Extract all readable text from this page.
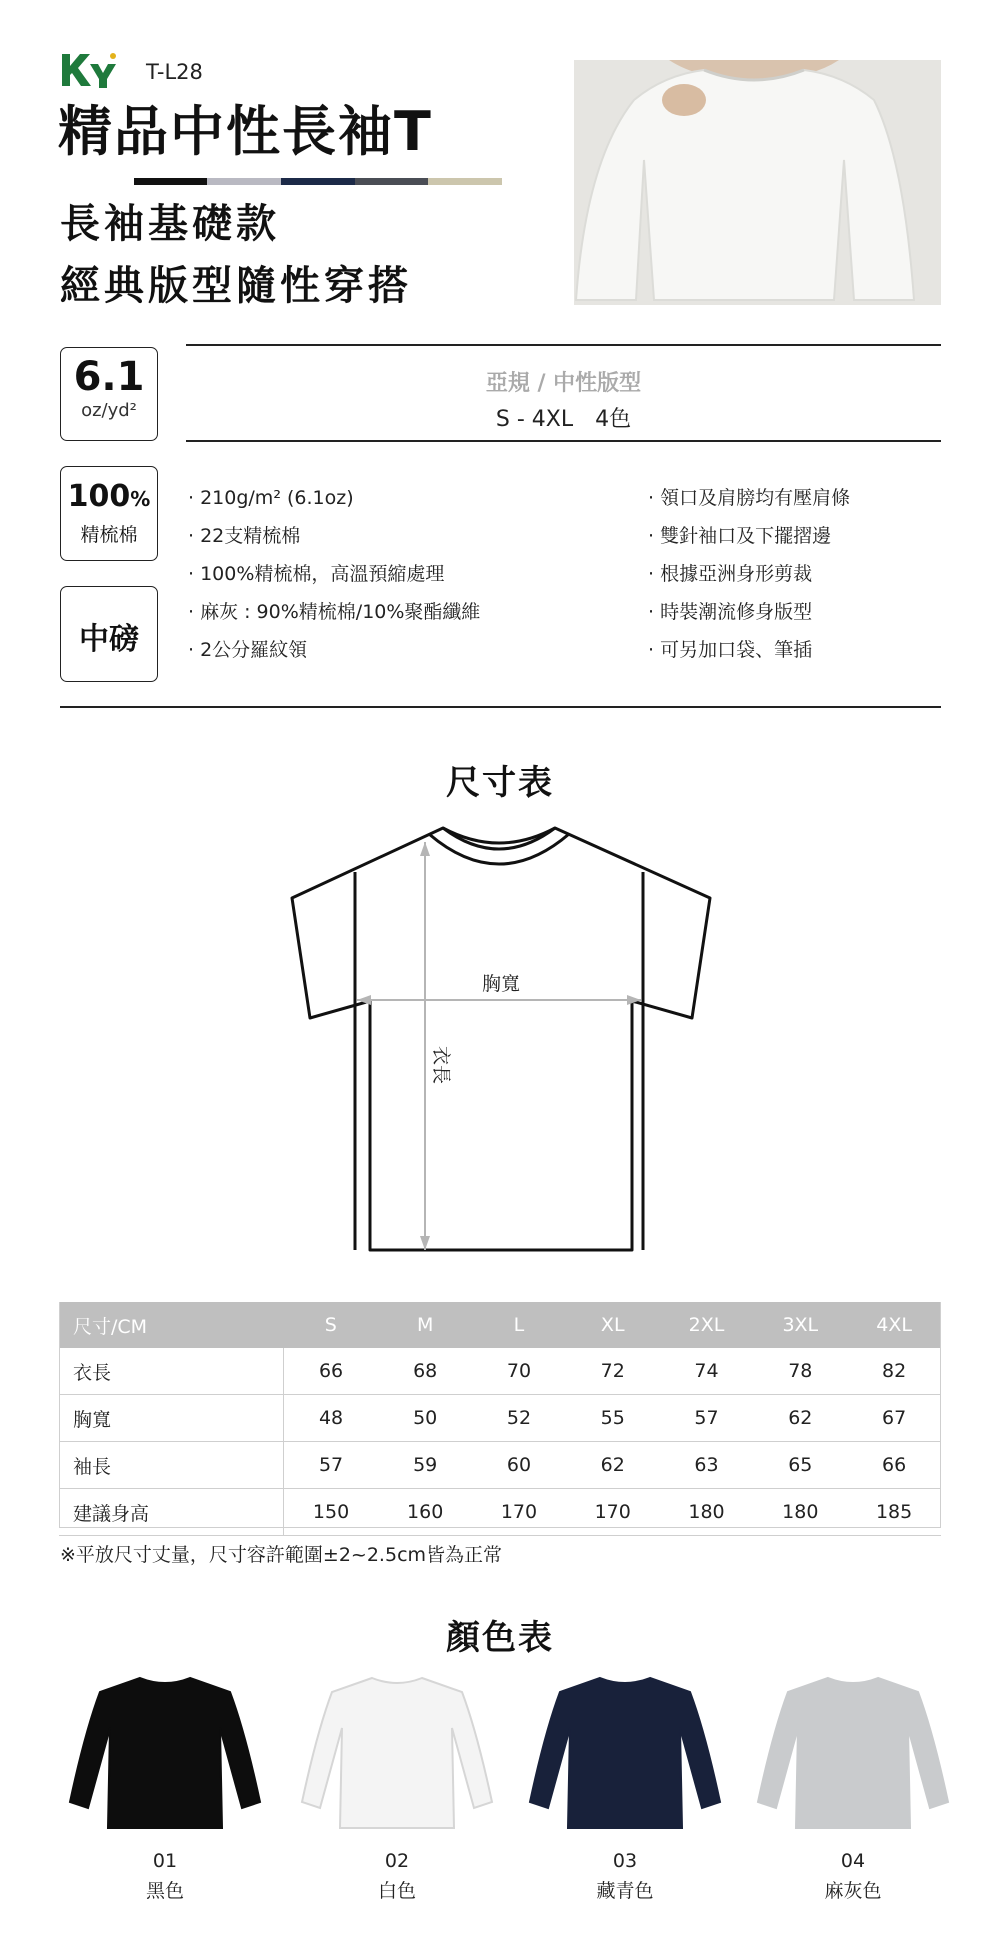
T-L28
精品中性長袖T
長袖基礎款
經典版型隨性穿搭
6.1
oz/yd²
100%
精梳棉
中磅
亞規 / 中性版型
S - 4XL　4色
· 210g/m² (6.1oz)
· 22支精梳棉
· 100%精梳棉，高溫預縮處理
· 麻灰 : 90%精梳棉/10%聚酯纖維
· 2公分羅紋領
· 領口及肩膀均有壓肩條
· 雙針袖口及下擺摺邊
· 根據亞洲身形剪裁
· 時裝潮流修身版型
· 可另加口袋、筆插
尺寸表
胸寬
衣長
尺寸/CM	S	M	L	XL	2XL	3XL	4XL
衣長	66	68	70	72	74	78	82
胸寬	48	50	52	55	57	62	67
袖長	57	59	60	62	63	65	66
建議身高	150	160	170	170	180	180	185
※平放尺寸丈量，尺寸容許範圍±2~2.5cm皆為正常
顏色表
01
黑色
02
白色
03
藏青色
04
麻灰色
